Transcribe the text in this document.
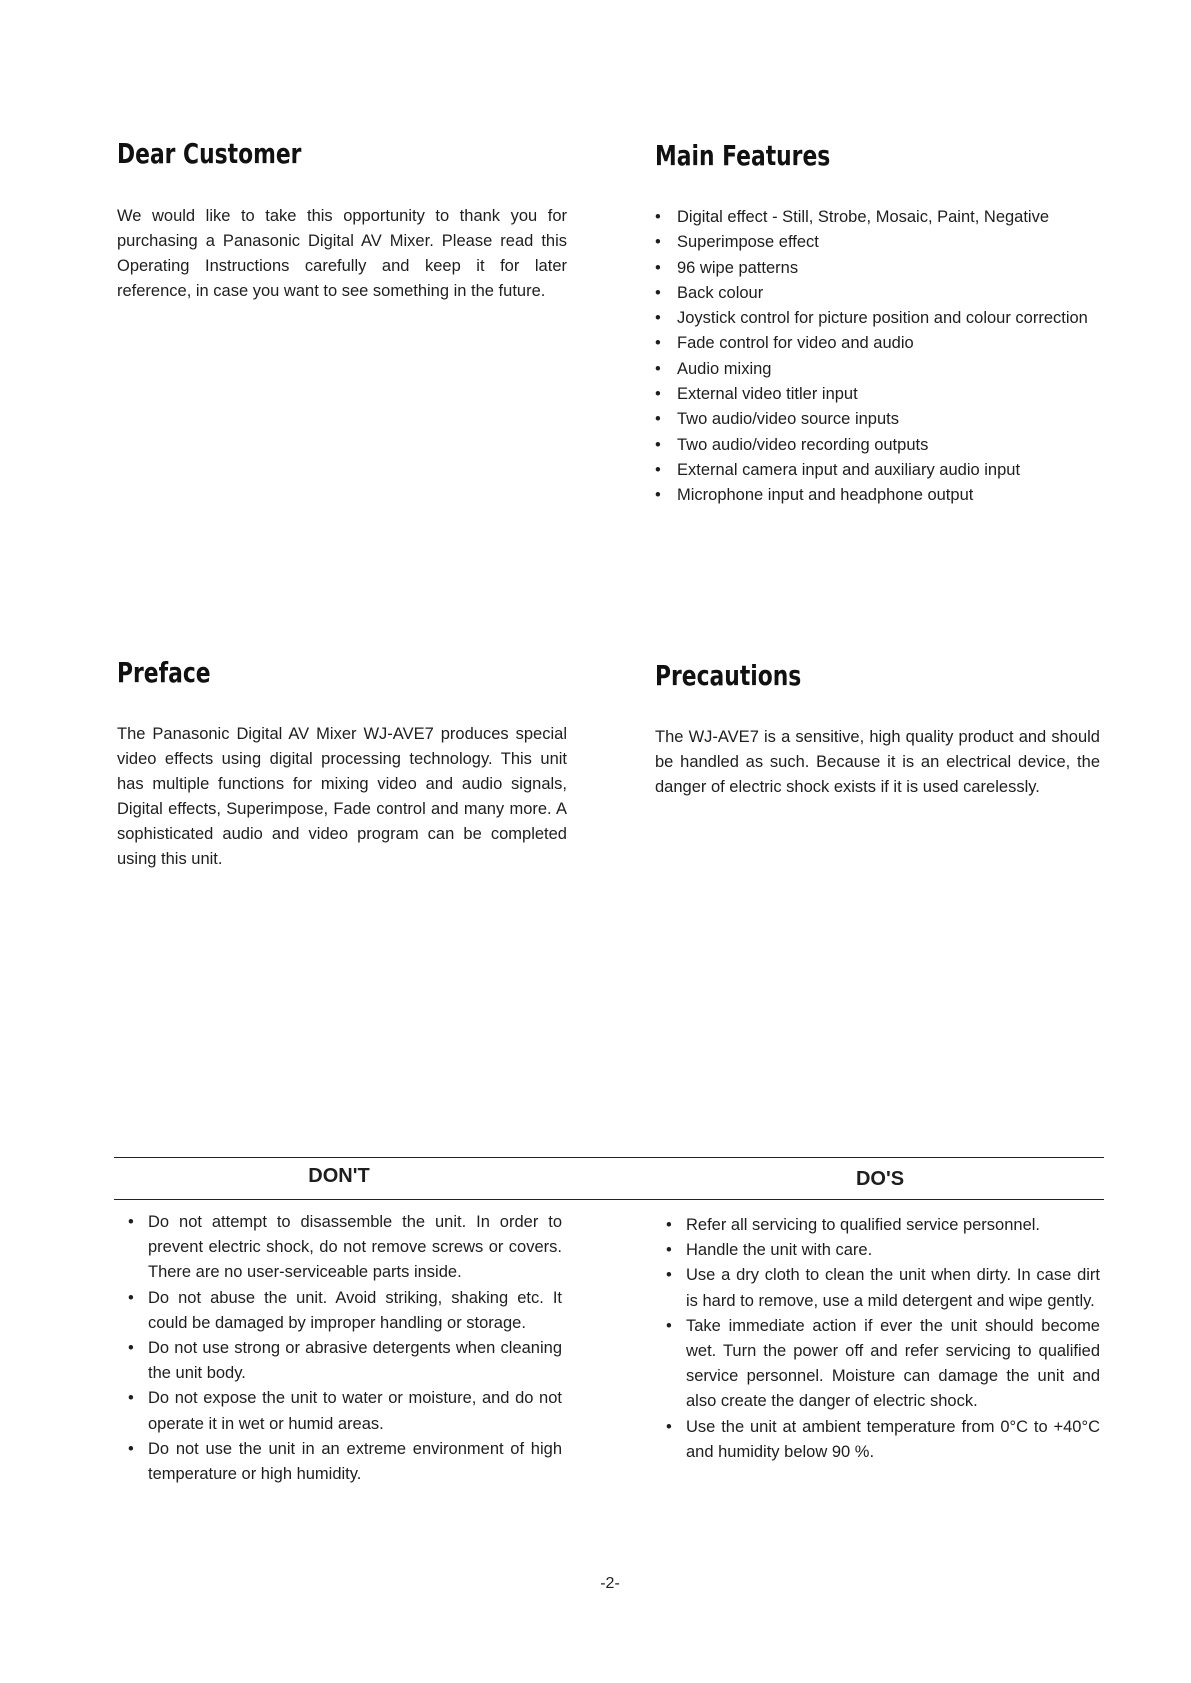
Dear Customer

We would like to take this opportunity to thank you for purchasing a Panasonic Digital AV Mixer. Please read this Operating Instructions carefully and keep it for later reference, in case you want to see something in the future.

Main Features
• Digital effect - Still, Strobe, Mosaic, Paint, Negative
• Superimpose effect
• 96 wipe patterns
• Back colour
• Joystick control for picture position and colour correction
• Fade control for video and audio
• Audio mixing
• External video titler input
• Two audio/video source inputs
• Two audio/video recording outputs
• External camera input and auxiliary audio input
• Microphone input and headphone output
Preface

The Panasonic Digital AV Mixer WJ-AVE7 produces special video effects using digital processing technology. This unit has multiple functions for mixing video and audio signals, Digital effects, Superimpose, Fade control and many more. A sophisticated audio and video program can be completed using this unit.

Precautions

The WJ-AVE7 is a sensitive, high quality product and should be handled as such. Because it is an electrical device, the danger of electric shock exists if it is used carelessly.

DON'T	DO'S
• Do not attempt to disassemble the unit. In order to prevent electric shock, do not remove screws or covers. There are no user-serviceable parts inside.
• Do not abuse the unit. Avoid striking, shaking etc. It could be damaged by improper handling or storage.
• Do not use strong or abrasive detergents when cleaning the unit body.
• Do not expose the unit to water or moisture, and do not operate it in wet or humid areas.
• Do not use the unit in an extreme environment of high temperature or high humidity.
• Refer all servicing to qualified service personnel.
• Handle the unit with care.
• Use a dry cloth to clean the unit when dirty. In case dirt is hard to remove, use a mild detergent and wipe gently.
• Take immediate action if ever the unit should become wet. Turn the power off and refer servicing to qualified service personnel. Moisture can damage the unit and also create the danger of electric shock.
• Use the unit at ambient temperature from 0°C to +40°C and humidity below 90 %.
-2-
